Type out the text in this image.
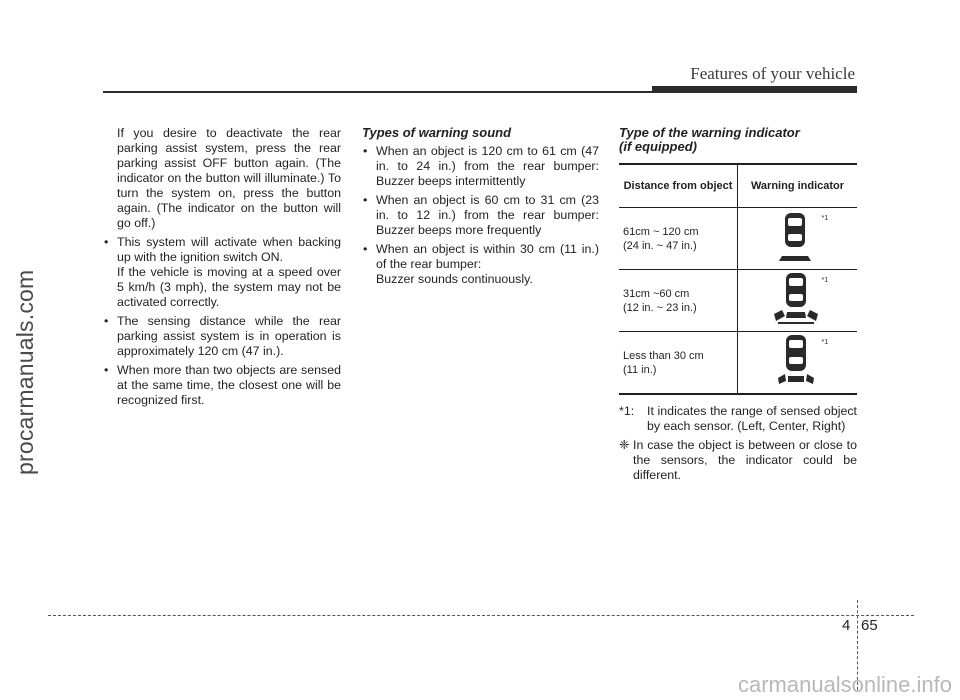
Features of your vehicle
procarmanuals.com

If you desire to deactivate the rear parking assist system, press the rear parking assist OFF button again. (The indicator on the button will illuminate.) To turn the system on, press the button again. (The indicator on the button will go off.)

• This system will activate when backing up with the ignition switch ON.

If the vehicle is moving at a speed over 5 km/h (3 mph), the system may not be activated correctly.

• The sensing distance while the rear parking assist system is in operation is approximately 120 cm (47 in.).
• When more than two objects are sensed at the same time, the closest one will be recognized first.
Types of warning sound
• When an object is 120 cm to 61 cm (47 in. to 24 in.) from the rear bumper: Buzzer beeps intermittently
• When an object is 60 cm to 31 cm (23 in. to 12 in.) from the rear bumper: Buzzer beeps more frequently
• When an object is within 30 cm (11 in.) of the rear bumper:

Buzzer sounds continuously.

Type of the warning indicator
(if equipped)
Distance from object	Warning indicator

61cm ~ 120 cm
(24 in. ~ 47 in.)	*1

31cm ~60 cm
(12 in. ~ 23 in.)	*1

Less than 30 cm
(11 in.)	*1
*1: It indicates the range of sensed object by each sensor. (Left, Center, Right)
❈ In case the object is between or close to the sensors, the indicator could be different.
4 65
carmanualsonline.info
